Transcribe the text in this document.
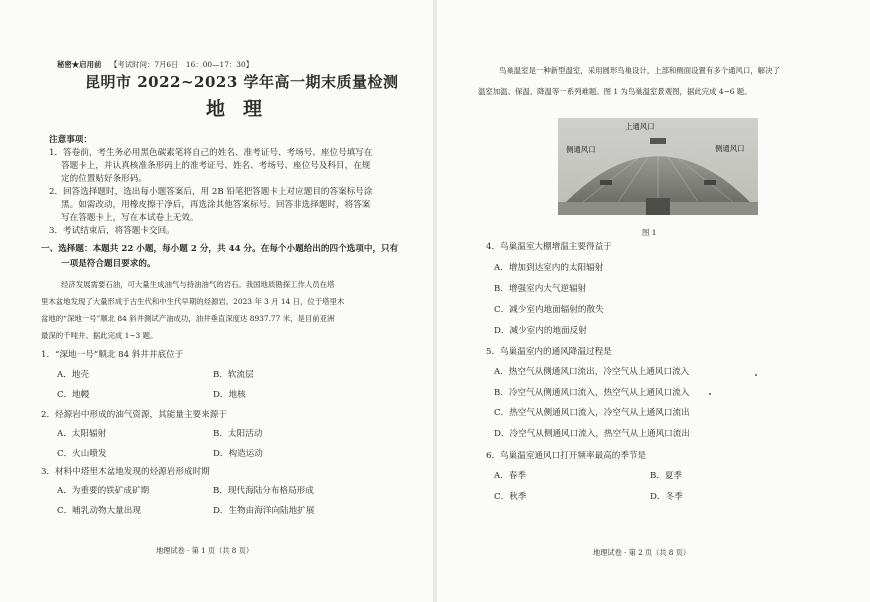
秘密★启用前 【考试时间：7月6日　16：00—17：30】
昆明市 2022~2023 学年高一期末质量检测
地理
注意事项：
1．答卷前，考生务必用黑色碳素笔将自己的姓名、准考证号、考场号、座位号填写在
答题卡上，并认真核准条形码上的准考证号、姓名、考场号、座位号及科目，在规
定的位置贴好条形码。
2．回答选择题时，选出每小题答案后，用 2B 铅笔把答题卡上对应题目的答案标号涂
黑。如需改动，用橡皮擦干净后，再选涂其他答案标号。回答非选择题时，将答案
写在答题卡上，写在本试卷上无效。
3．考试结束后，将答题卡交回。
一、选择题：本题共 22 小题，每小题 2 分，共 44 分。在每个小题给出的四个选项中，只有
一项是符合题目要求的。
经济发展需要石油，可大量生成油气与持油油气的岩石。我国地质勘探工作人员在塔
里木盆地发现了大量形成于古生代和中生代早期的烃源岩。2023 年 3 月 14 日，位于塔里木
盆地的“深地一号”顺北 84 斜井测试产油成功，油井垂直深度达 8937.77 米，是目前亚洲
最深的千吨井。据此完成 1~3 题。
1．“深地一号”顺北 84 斜井井底位于
A．地壳	B．软流层
C．地幔	D．地核
2．烃源岩中形成的油气资源，其能量主要来源于
A．太阳辐射	B．太阳活动
C．火山喷发	D．构造运动
3．材料中塔里木盆地发现的烃源岩形成时期
A．为重要的铁矿成矿期	B．现代海陆分布格局形成
C．哺乳动物大量出现	D．生物由海洋向陆地扩展
地理试卷 · 第 1 页（共 8 页）
鸟巢温室是一种新型温室，采用圆形鸟巢设计，上部和侧面设置有多个通风口，解决了
温室加温、保温、降温等一系列难题。图 1 为鸟巢温室景观图，据此完成 4~6 题。
上通风口
侧通风口	侧通风口
图 1
4．鸟巢温室大棚增温主要得益于
A．增加到达室内的太阳辐射
B．增强室内大气逆辐射
C．减少室内地面辐射的散失
D．减少室内的地面反射
5．鸟巢温室内的通风降温过程是
A．热空气从侧通风口流出，冷空气从上通风口流入
B．冷空气从侧通风口流入，热空气从上通风口流入
C．热空气从侧通风口流入，冷空气从上通风口流出
D．冷空气从侧通风口流入，热空气从上通风口流出
6．鸟巢温室通风口打开频率最高的季节是
A．春季	B．夏季
C．秋季	D．冬季
地理试卷 · 第 2 页（共 8 页）
